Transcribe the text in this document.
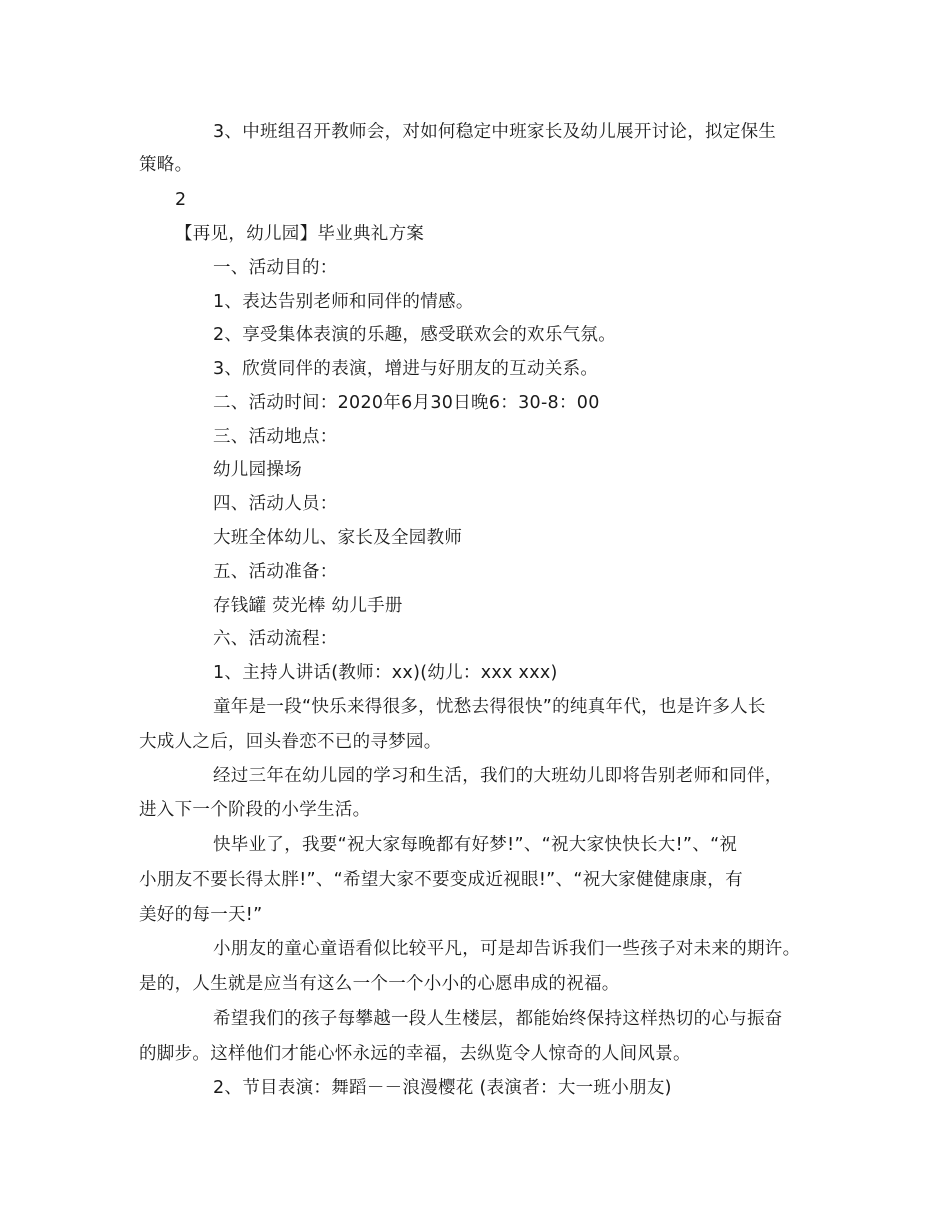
3、中班组召开教师会，对如何稳定中班家长及幼儿展开讨论，拟定保生
策略。
2
【再见，幼儿园】毕业典礼方案
一、活动目的：
1、表达告别老师和同伴的情感。
2、享受集体表演的乐趣，感受联欢会的欢乐气氛。
3、欣赏同伴的表演，增进与好朋友的互动关系。
二、活动时间：2020年6月30日晚6：30-8：00
三、活动地点：
幼儿园操场
四、活动人员：
大班全体幼儿、家长及全园教师
五、活动准备：
存钱罐 荧光棒 幼儿手册
六、活动流程：
1、主持人讲话(教师：xx)(幼儿：xxx xxx)
童年是一段“快乐来得很多，忧愁去得很快”的纯真年代，也是许多人长
大成人之后，回头眷恋不已的寻梦园。
经过三年在幼儿园的学习和生活，我们的大班幼儿即将告别老师和同伴，
进入下一个阶段的小学生活。
快毕业了，我要“祝大家每晚都有好梦!”、“祝大家快快长大!”、“祝
小朋友不要长得太胖!”、“希望大家不要变成近视眼!”、“祝大家健健康康，有
美好的每一天!”
小朋友的童心童语看似比较平凡，可是却告诉我们一些孩子对未来的期许。
是的，人生就是应当有这么一个一个小小的心愿串成的祝福。
希望我们的孩子每攀越一段人生楼层，都能始终保持这样热切的心与振奋
的脚步。这样他们才能心怀永远的幸福，去纵览令人惊奇的人间风景。
2、节目表演：舞蹈－－浪漫樱花 (表演者：大一班小朋友)
